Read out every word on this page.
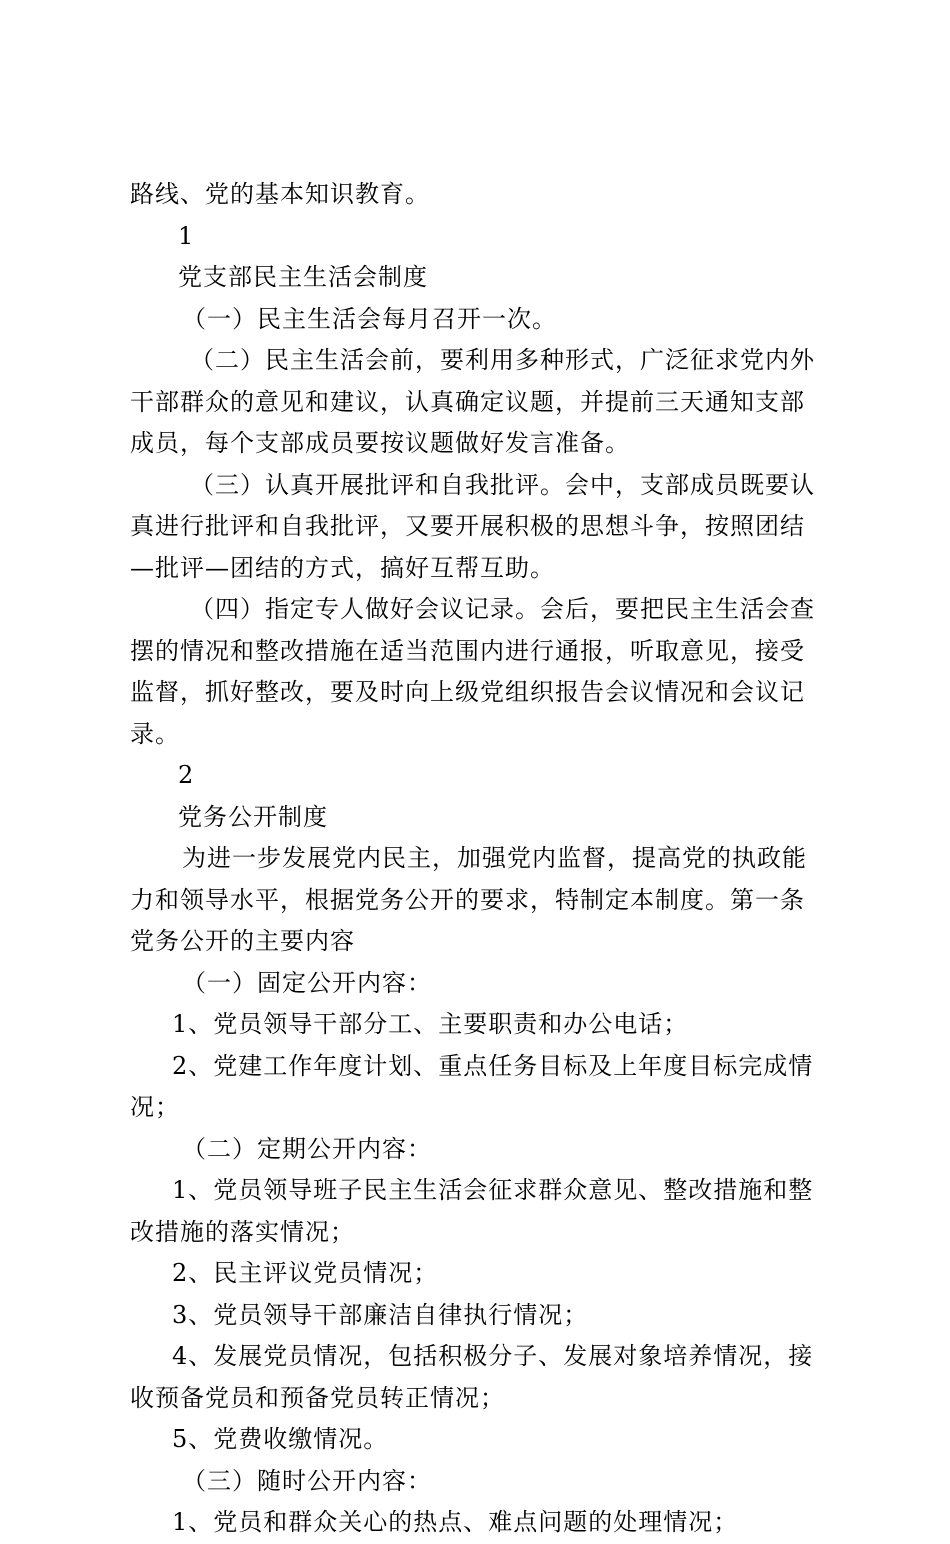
路线、党的基本知识教育。
1
党支部民主生活会制度
（一）民主生活会每月召开一次。
（二）民主生活会前，要利用多种形式，广泛征求党内外
干部群众的意见和建议，认真确定议题，并提前三天通知支部
成员，每个支部成员要按议题做好发言准备。
（三）认真开展批评和自我批评。会中，支部成员既要认
真进行批评和自我批评，又要开展积极的思想斗争，按照团结
—批评—团结的方式，搞好互帮互助。
（四）指定专人做好会议记录。会后，要把民主生活会查
摆的情况和整改措施在适当范围内进行通报，听取意见，接受
监督，抓好整改，要及时向上级党组织报告会议情况和会议记
录。
2
党务公开制度
为进一步发展党内民主，加强党内监督，提高党的执政能
力和领导水平，根据党务公开的要求，特制定本制度。第一条
党务公开的主要内容
（一）固定公开内容：
1、党员领导干部分工、主要职责和办公电话；
2、党建工作年度计划、重点任务目标及上年度目标完成情
况；
（二）定期公开内容：
1、党员领导班子民主生活会征求群众意见、整改措施和整
改措施的落实情况；
2、民主评议党员情况；
3、党员领导干部廉洁自律执行情况；
4、发展党员情况，包括积极分子、发展对象培养情况，接
收预备党员和预备党员转正情况；
5、党费收缴情况。
（三）随时公开内容：
1、党员和群众关心的热点、难点问题的处理情况；
